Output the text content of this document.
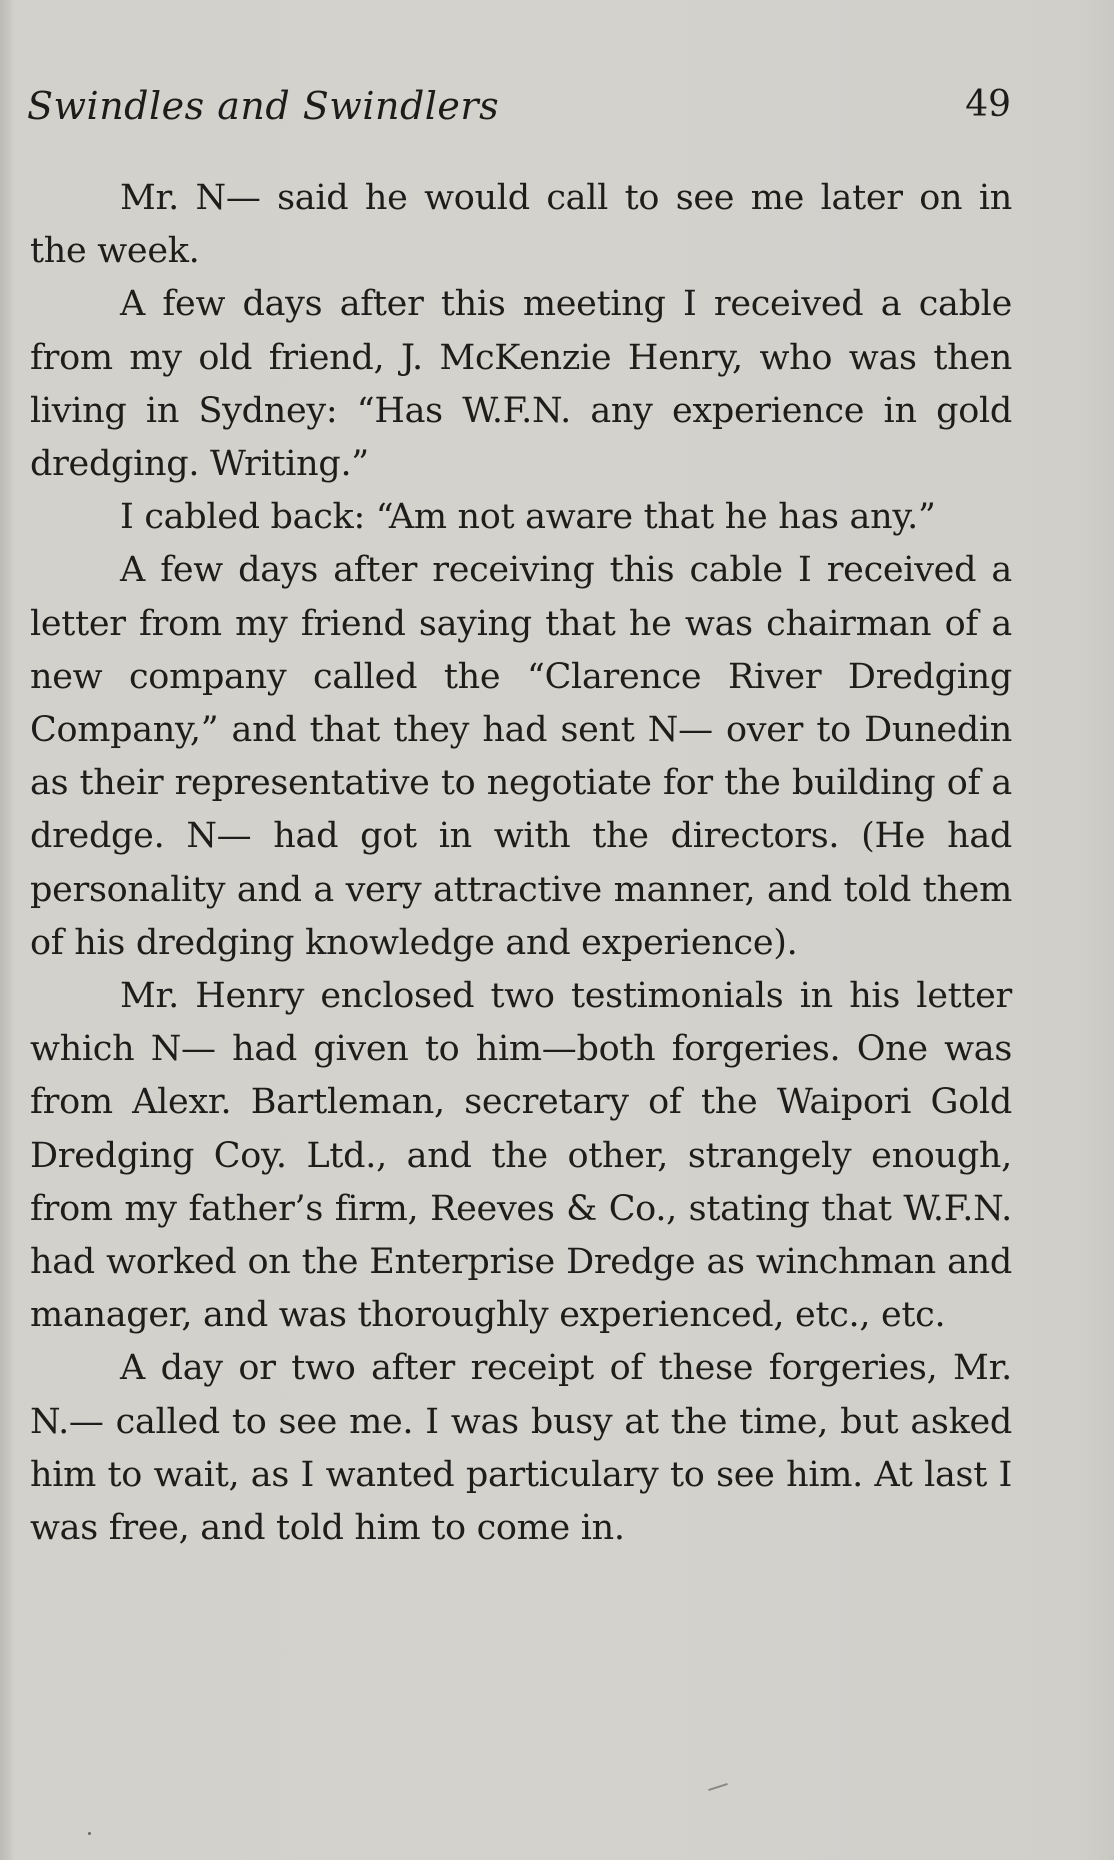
Swindles and Swindlers	49

Mr. N— said he would call to see me later on in the week.

A few days after this meeting I received a cable from my old friend, J. McKenzie Henry, who was then living in Sydney: “Has W.F.N. any experience in gold dredging. Writing.”

I cabled back: “Am not aware that he has any.”

A few days after receiving this cable I received a letter from my friend saying that he was chairman of a new company called the “Clarence River Dredging Company,” and that they had sent N— over to Dunedin as their representative to negotiate for the building of a dredge. N— had got in with the directors. (He had personality and a very attractive manner, and told them of his dredging knowledge and experience).

Mr. Henry enclosed two testimonials in his letter which N— had given to him—both forgeries. One was from Alexr. Bartleman, secretary of the Waipori Gold Dredging Coy. Ltd., and the other, strangely enough, from my father’s firm, Reeves & Co., stating that W.F.N. had worked on the Enterprise Dredge as winchman and manager, and was thoroughly experienced, etc., etc.

A day or two after receipt of these forgeries, Mr. N.— called to see me. I was busy at the time, but asked him to wait, as I wanted particulary to see him. At last I was free, and told him to come in.
